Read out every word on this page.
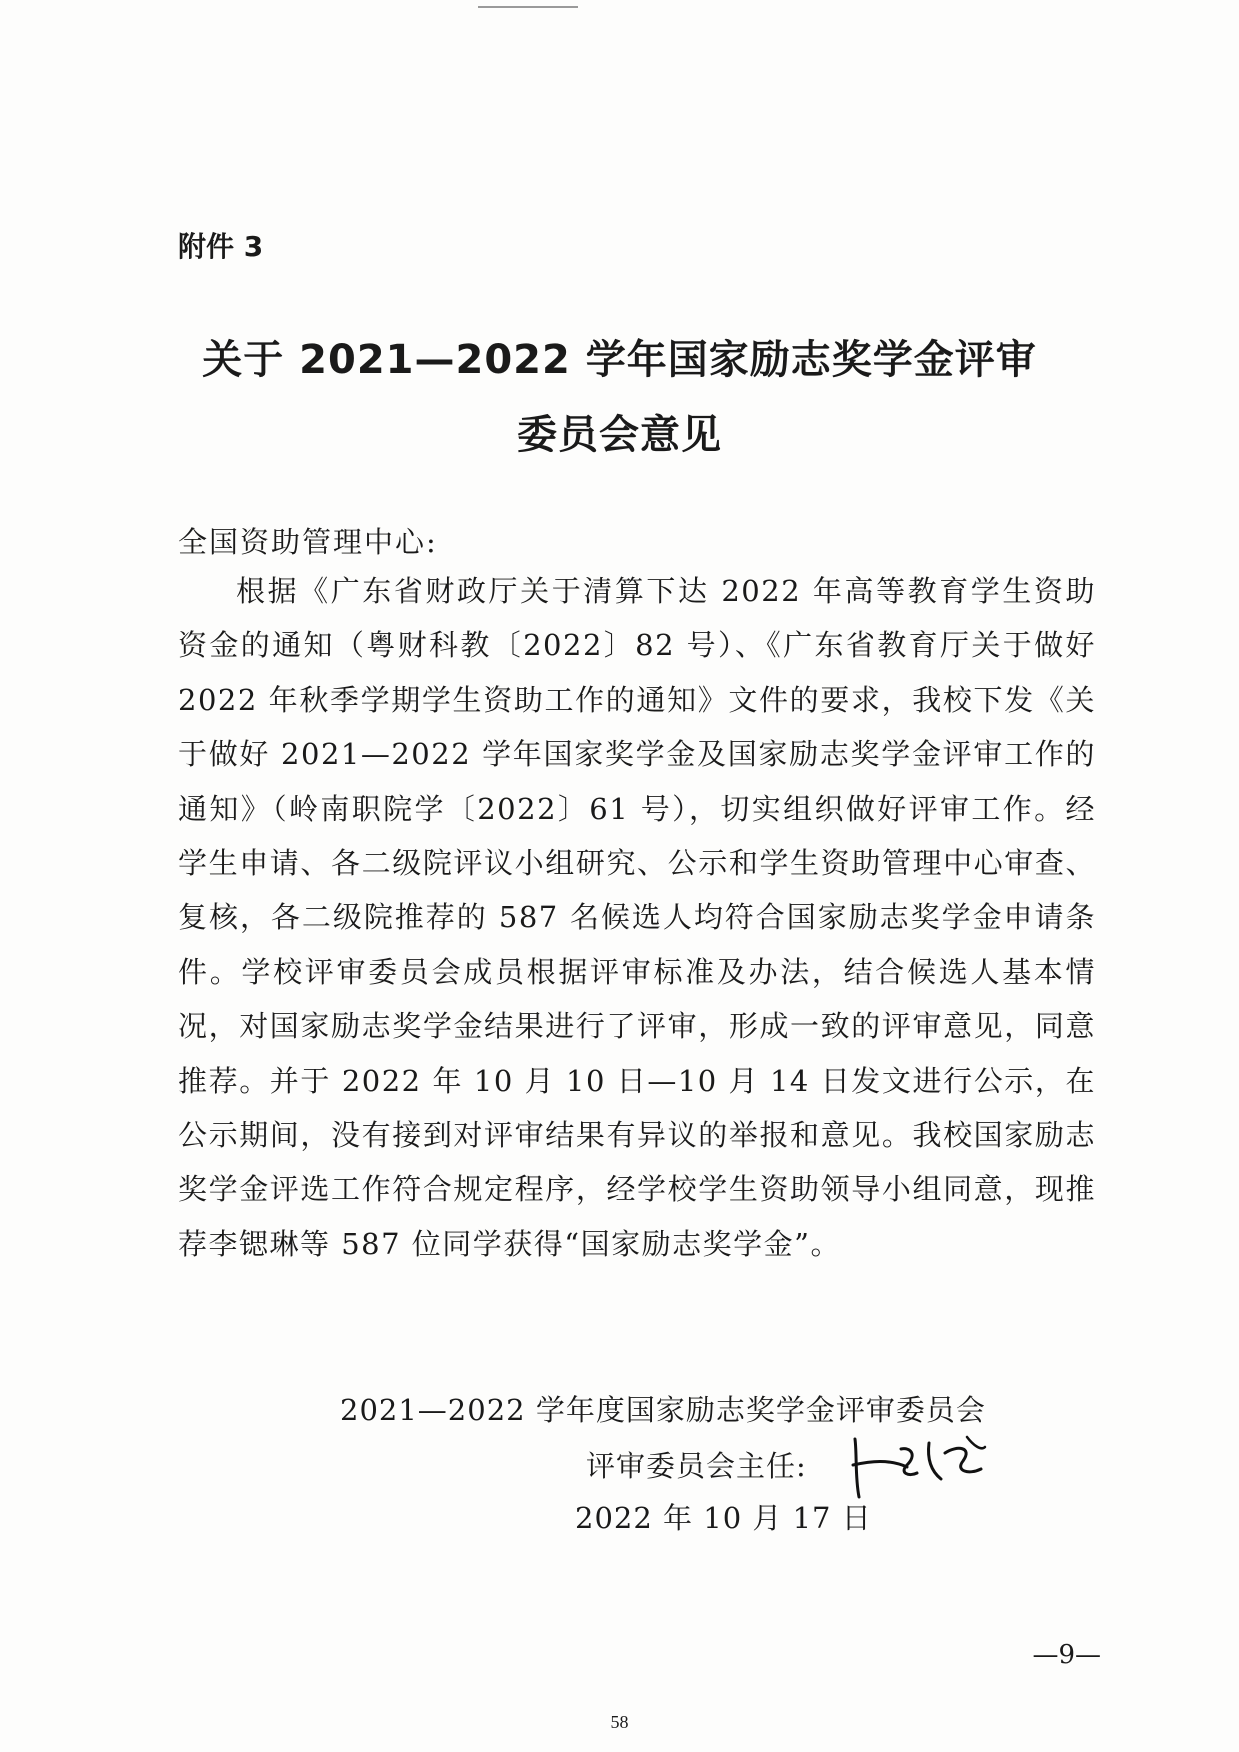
附件 3
关于 2021—2022 学年国家励志奖学金评审
委员会意见
全国资助管理中心:

根据《广东省财政厅关于清算下达 2022 年高等教育学生资助资金的通知（粤财科教〔2022〕82 号）、《广东省教育厅关于做好 2022 年秋季学期学生资助工作的通知》文件的要求，我校下发《关于做好 2021—2022 学年国家奖学金及国家励志奖学金评审工作的通知》（岭南职院学〔2022〕61 号），切实组织做好评审工作。经学生申请、各二级院评议小组研究、公示和学生资助管理中心审查、复核，各二级院推荐的 587 名候选人均符合国家励志奖学金申请条件。学校评审委员会成员根据评审标准及办法，结合候选人基本情况，对国家励志奖学金结果进行了评审，形成一致的评审意见，同意推荐。并于 2022 年 10 月 10 日—10 月 14 日发文进行公示，在公示期间，没有接到对评审结果有异议的举报和意见。我校国家励志奖学金评选工作符合规定程序，经学校学生资助领导小组同意，现推荐李锶琳等 587 位同学获得“国家励志奖学金”。

2021—2022 学年度国家励志奖学金评审委员会
评审委员会主任:
2022 年 10 月 17 日
—9—
58
